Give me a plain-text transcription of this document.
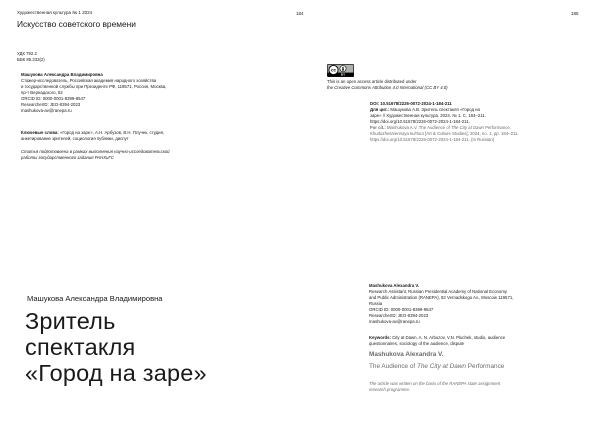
Художественная культура № 1 2024
Искусство советского времени
184	185
УДК 792.2
ББК 85.333(2)
Машукова Александра Владимировна
Стажер-исследователь, Российская академия народного хозяйства
и государственной службы при Президенте РФ, 119571, Россия, Москва,
пр-т Вернадского, 82
ORCID ID: 0000-0001-8399-9547
ResearcherID: JEO-8394-2023
mashukova-av@ranepa.ru
Ключевые слова: «Город на заре», А.Н. Арбузов, В.Н. Плучек, студия,
анкетирование зрителей, социология публики, диспут
Статья подготовлена в рамках выполнения научно-исследовательской
работы государственного задания РАНХиГС
cc
BY
This is an open access article distributed under
the Creative Commons Attribution 4.0 International (CC BY 4.0)
DOI: 10.51678/2226-0072-2024-1-184-211
Для цит.: Машукова А.В. Зритель спектакля «Город на
заре» // Художественная культура. 2024. № 1. С. 184–211.
https://doi.org/10.51678/2226-0072-2024-1-184-211.
For cit.: Mashukova A.V. The Audience of The City at Dawn Performance.
Khudozhestvennaya kul'tura [Art & Culture Studies], 2024, no. 1, pp. 184–211.
https://doi.org/10.51678/2226-0072-2024-1-184-211. (In Russian)
Машукова Александра Владимировна
Зритель
спектакля
«Город на заре»
Mashukova Alexandra V.
Research Assistant, Russian Presidential Academy of National Economy
and Public Administration (RANEPA), 82 Vernadskogo Av., Moscow 119571,
Russia
ORCID ID: 0000-0001-8399-9547
ResearcherID: JEO-8394-2023
mashukova-av@ranepa.ru
Keywords: City at Dawn, A. N. Arbuzov, V.N. Pluchek, studio, audience
questionnaires, sociology of the audience, dispute
Mashukova Alexandra V.
The Audience of The City at Dawn Performance
The article was written on the basis of the RANEPA state assignment
research programme.
